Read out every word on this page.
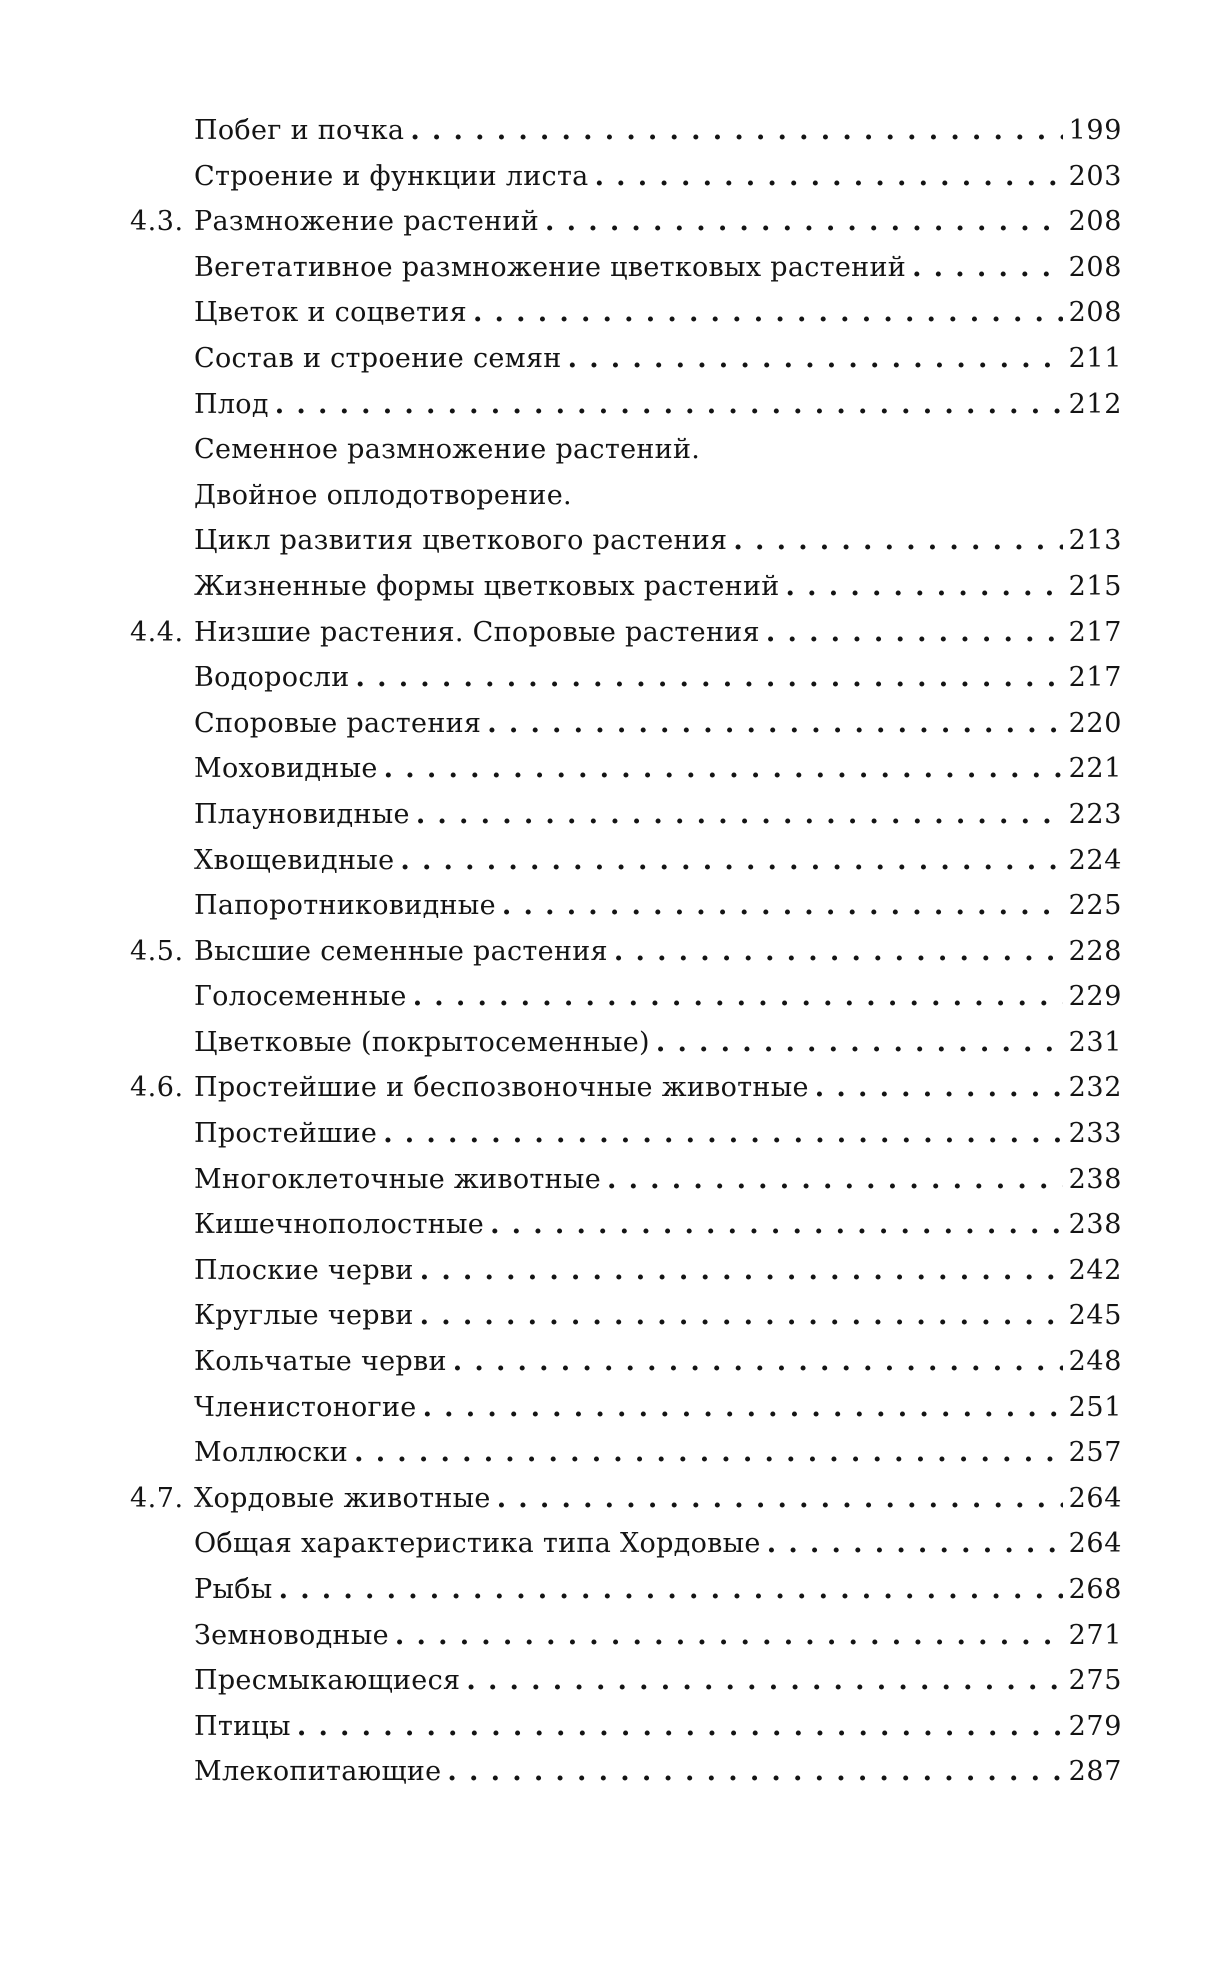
Побег и почка . . .	199
Строение и функции листа . . .	203
4.3. Размножение растений . . .	208
Вегетативное размножение цветковых растений . . .	208
Цветок и соцветия . . .	208
Состав и строение семян . . .	211
Плод . . .	212
Семенное размножение растений.
Двойное оплодотворение.
Цикл развития цветкового растения . . .	213
Жизненные формы цветковых растений . . .	215
4.4. Низшие растения. Споровые растения . . .	217
Водоросли . . .	217
Споровые растения . . .	220
Моховидные . . .	221
Плауновидные . . .	223
Хвощевидные . . .	224
Папоротниковидные . . .	225
4.5. Высшие семенные растения . . .	228
Голосеменные . . .	229
Цветковые (покрытосеменные) . . .	231
4.6. Простейшие и беспозвоночные животные . . .	232
Простейшие . . .	233
Многоклеточные животные . . .	238
Кишечнополостные . . .	238
Плоские черви . . .	242
Круглые черви . . .	245
Кольчатые черви . . .	248
Членистоногие . . .	251
Моллюски . . .	257
4.7. Хордовые животные . . .	264
Общая характеристика типа Хордовые . . .	264
Рыбы . . .	268
Земноводные . . .	271
Пресмыкающиеся . . .	275
Птицы . . .	279
Млекопитающие . . .	287
